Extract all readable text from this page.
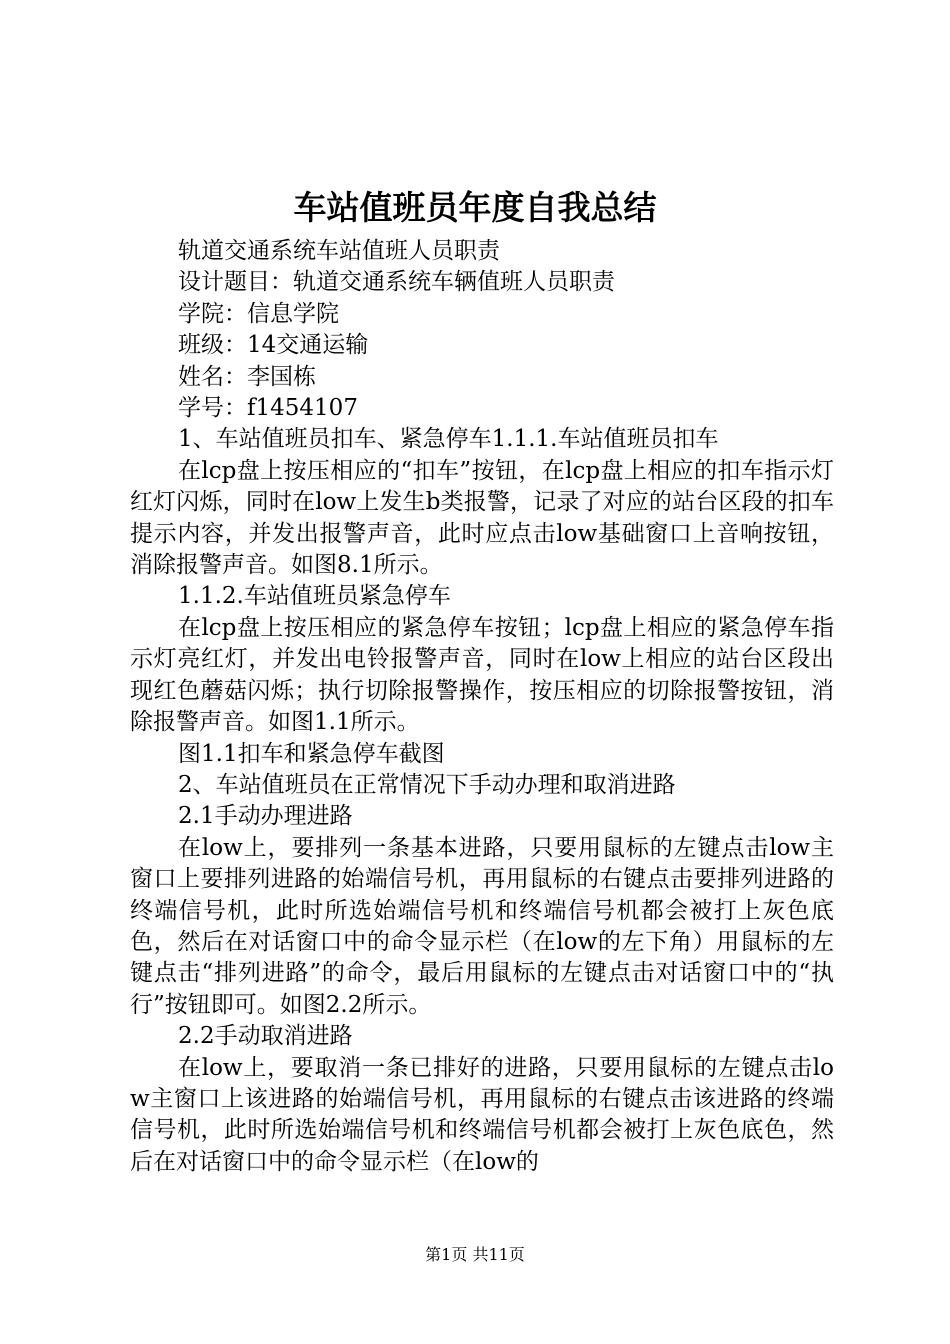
车站值班员年度自我总结

轨道交通系统车站值班人员职责

设计题目：轨道交通系统车辆值班人员职责

学院：信息学院

班级：14交通运输

姓名：李国栋

学号：f1454107

1、车站值班员扣车、紧急停车1.1.1.车站值班员扣车

在lcp盘上按压相应的“扣车”按钮，在lcp盘上相应的扣车指示灯红灯闪烁，同时在low上发生b类报警，记录了对应的站台区段的扣车提示内容，并发出报警声音，此时应点击low基础窗口上音响按钮，消除报警声音。如图8.1所示。

1.1.2.车站值班员紧急停车

在lcp盘上按压相应的紧急停车按钮；lcp盘上相应的紧急停车指示灯亮红灯，并发出电铃报警声音，同时在low上相应的站台区段出现红色蘑菇闪烁；执行切除报警操作，按压相应的切除报警按钮，消除报警声音。如图1.1所示。

图1.1扣车和紧急停车截图

2、车站值班员在正常情况下手动办理和取消进路

2.1手动办理进路

在low上，要排列一条基本进路，只要用鼠标的左键点击low主窗口上要排列进路的始端信号机，再用鼠标的右键点击要排列进路的终端信号机，此时所选始端信号机和终端信号机都会被打上灰色底色，然后在对话窗口中的命令显示栏（在low的左下角）用鼠标的左键点击“排列进路”的命令，最后用鼠标的左键点击对话窗口中的“执行”按钮即可。如图2.2所示。

2.2手动取消进路

在low上，要取消一条已排好的进路，只要用鼠标的左键点击low主窗口上该进路的始端信号机，再用鼠标的右键点击该进路的终端信号机，此时所选始端信号机和终端信号机都会被打上灰色底色，然后在对话窗口中的命令显示栏（在low的

第1页 共11页
